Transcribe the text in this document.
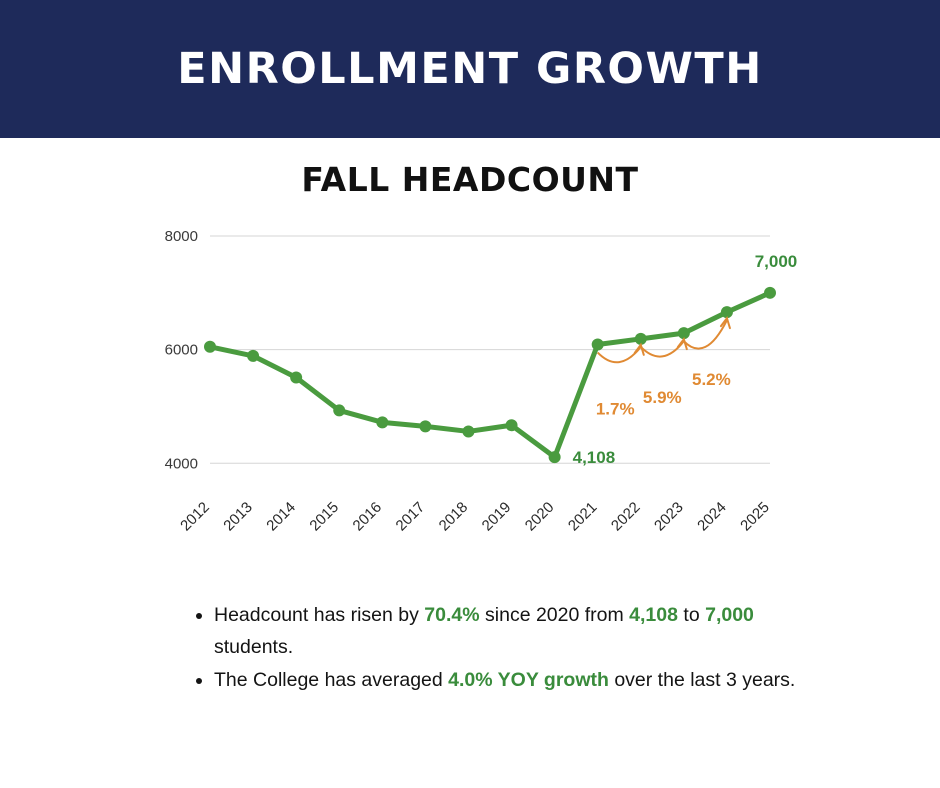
ENROLLMENT GROWTH
FALL HEADCOUNT
4000
6000
8000
2012 2013 2014 2015 2016 2017 2018 2019 2020 2021 2022 2023 2024 2025
4,108
7,000
1.7%
5.9%
5.2%
• Headcount has risen by 70.4% since 2020 from 4,108 to 7,000 students.
• The College has averaged 4.0% YOY growth over the last 3 years.
